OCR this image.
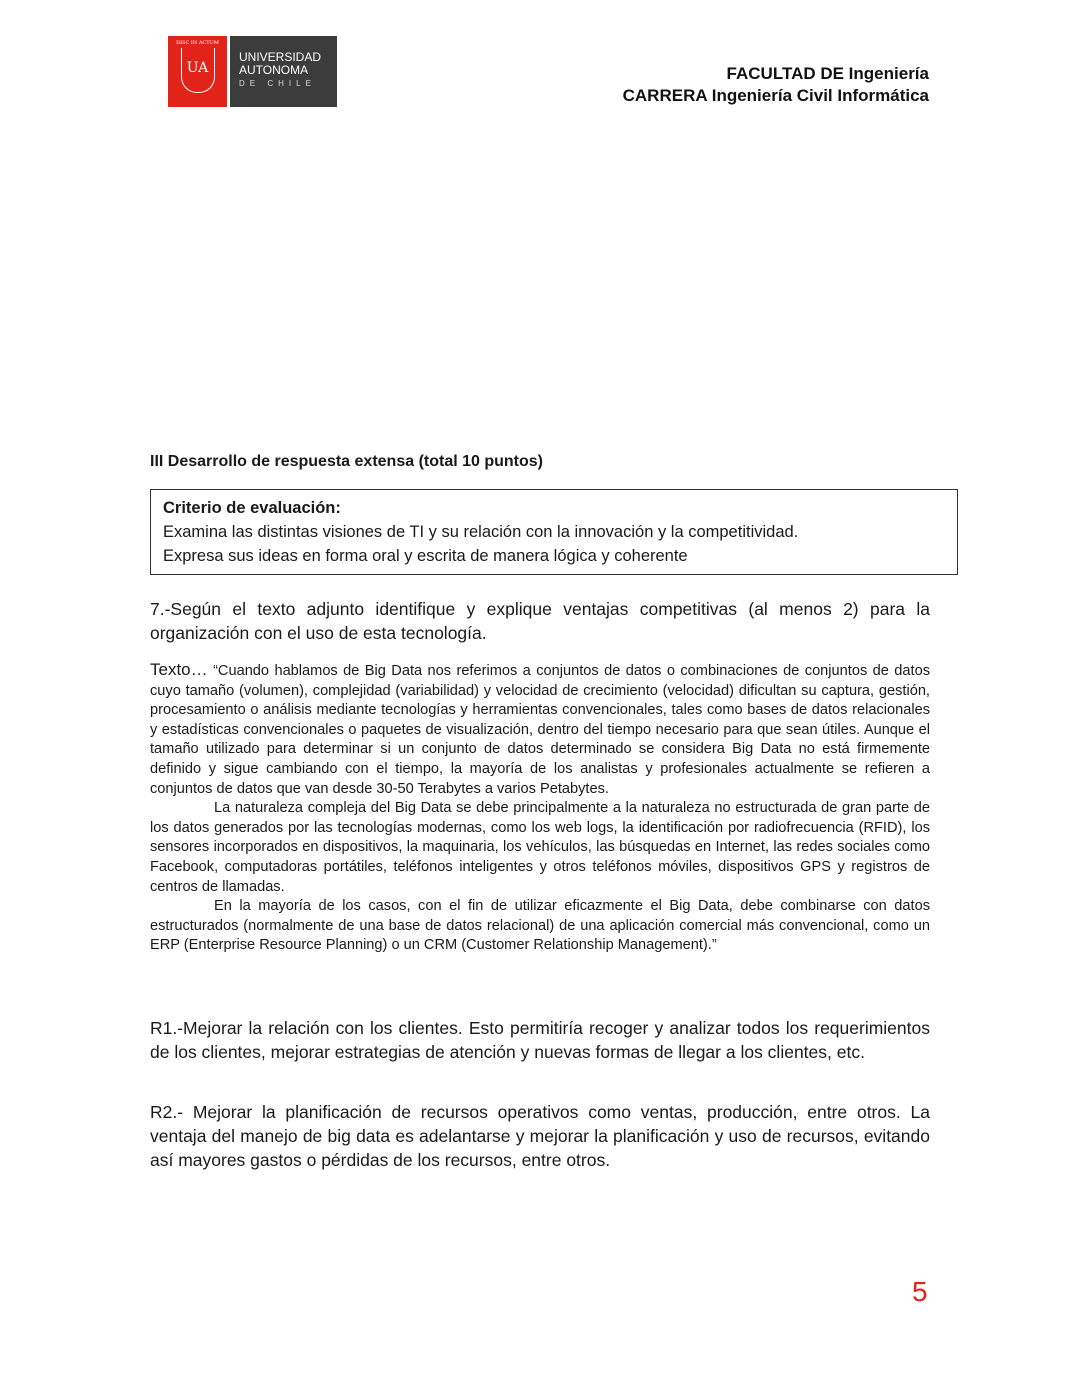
DISC IN ACTUM
UA
UNIVERSIDAD
AUTONOMA
DE CHILE
FACULTAD DE Ingeniería
CARRERA Ingeniería Civil Informática
III Desarrollo de respuesta extensa (total 10 puntos)
Criterio de evaluación:
Examina las distintas visiones de TI y su relación con la innovación y la competitividad.
Expresa sus ideas en forma oral y escrita de manera lógica y coherente
7.-Según el texto adjunto identifique y explique ventajas competitivas (al menos 2) para la organización con el uso de esta tecnología.

Texto… “Cuando hablamos de Big Data nos referimos a conjuntos de datos o combinaciones de conjuntos de datos cuyo tamaño (volumen), complejidad (variabilidad) y velocidad de crecimiento (velocidad) dificultan su captura, gestión, procesamiento o análisis mediante tecnologías y herramientas convencionales, tales como bases de datos relacionales y estadísticas convencionales o paquetes de visualización, dentro del tiempo necesario para que sean útiles. Aunque el tamaño utilizado para determinar si un conjunto de datos determinado se considera Big Data no está firmemente definido y sigue cambiando con el tiempo, la mayoría de los analistas y profesionales actualmente se refieren a conjuntos de datos que van desde 30-50 Terabytes a varios Petabytes.

La naturaleza compleja del Big Data se debe principalmente a la naturaleza no estructurada de gran parte de los datos generados por las tecnologías modernas, como los web logs, la identificación por radiofrecuencia (RFID), los sensores incorporados en dispositivos, la maquinaria, los vehículos, las búsquedas en Internet, las redes sociales como Facebook, computadoras portátiles, teléfonos inteligentes y otros teléfonos móviles, dispositivos GPS y registros de centros de llamadas.

En la mayoría de los casos, con el fin de utilizar eficazmente el Big Data, debe combinarse con datos estructurados (normalmente de una base de datos relacional) de una aplicación comercial más convencional, como un ERP (Enterprise Resource Planning) o un CRM (Customer Relationship Management).”

R1.-Mejorar la relación con los clientes. Esto permitiría recoger y analizar todos los requerimientos de los clientes, mejorar estrategias de atención y nuevas formas de llegar a los clientes, etc.
R2.- Mejorar la planificación de recursos operativos como ventas, producción, entre otros. La ventaja del manejo de big data es adelantarse y mejorar la planificación y uso de recursos, evitando así mayores gastos o pérdidas de los recursos, entre otros.
5
